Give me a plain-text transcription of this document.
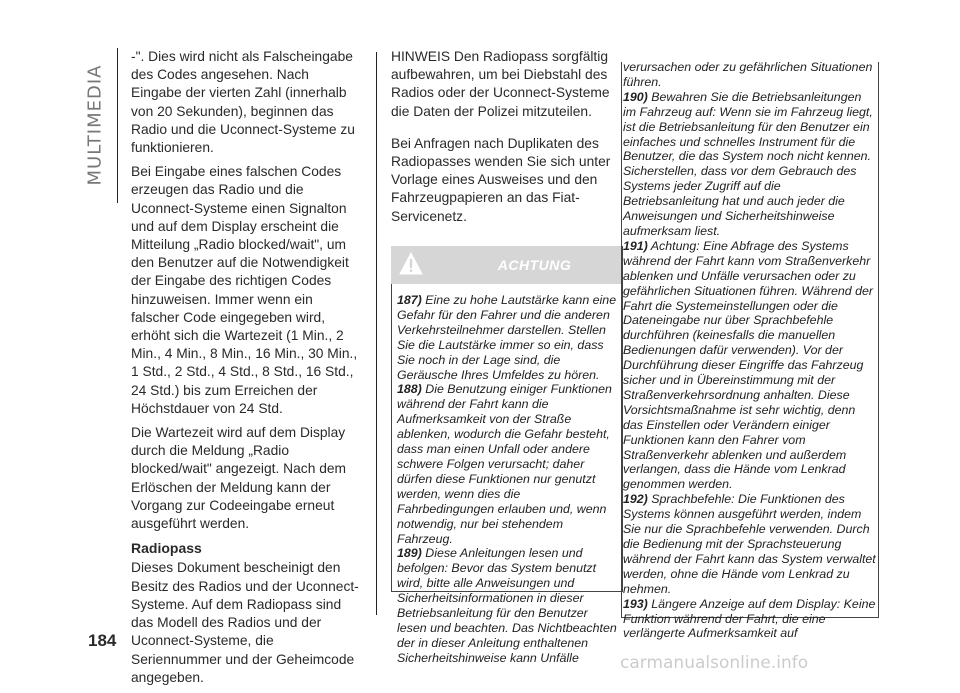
MULTIMEDIA

-". Dies wird nicht als Falscheingabe des Codes angesehen. Nach Eingabe der vierten Zahl (innerhalb von 20 Sekunden), beginnen das Radio und die Uconnect-Systeme zu funktionieren.

Bei Eingabe eines falschen Codes erzeugen das Radio und die Uconnect-Systeme einen Signalton und auf dem Display erscheint die Mitteilung „Radio blocked/wait", um den Benutzer auf die Notwendigkeit der Eingabe des richtigen Codes hinzuweisen. Immer wenn ein falscher Code eingegeben wird, erhöht sich die Wartezeit (1 Min., 2 Min., 4 Min., 8 Min., 16 Min., 30 Min., 1 Std., 2 Std., 4 Std., 8 Std., 16 Std., 24 Std.) bis zum Erreichen der Höchstdauer von 24 Std.

Die Wartezeit wird auf dem Display durch die Meldung „Radio blocked/wait" angezeigt. Nach dem Erlöschen der Meldung kann der Vorgang zur Codeeingabe erneut ausgeführt werden.

Radiopass

Dieses Dokument bescheinigt den Besitz des Radios und der Uconnect-Systeme. Auf dem Radiopass sind das Modell des Radios und der Uconnect-Systeme, die Seriennummer und der Geheimcode angegeben.

HINWEIS Den Radiopass sorgfältig aufbewahren, um bei Diebstahl des Radios oder der Uconnect-Systeme die Daten der Polizei mitzuteilen.

Bei Anfragen nach Duplikaten des Radiopasses wenden Sie sich unter Vorlage eines Ausweises und den Fahrzeugpapieren an das Fiat-Servicenetz.

ACHTUNG
187) Eine zu hohe Lautstärke kann eine Gefahr für den Fahrer und die anderen Verkehrsteilnehmer darstellen. Stellen Sie die Lautstärke immer so ein, dass Sie noch in der Lage sind, die Geräusche Ihres Umfeldes zu hören.
188) Die Benutzung einiger Funktionen während der Fahrt kann die Aufmerksamkeit von der Straße ablenken, wodurch die Gefahr besteht, dass man einen Unfall oder andere schwere Folgen verursacht; daher dürfen diese Funktionen nur genutzt werden, wenn dies die Fahrbedingungen erlauben und, wenn notwendig, nur bei stehendem Fahrzeug.
189) Diese Anleitungen lesen und befolgen: Bevor das System benutzt wird, bitte alle Anweisungen und Sicherheitsinformationen in dieser Betriebsanleitung für den Benutzer lesen und beachten. Das Nichtbeachten der in dieser Anleitung enthaltenen Sicherheitshinweise kann Unfälle
verursachen oder zu gefährlichen Situationen führen.
190) Bewahren Sie die Betriebsanleitungen im Fahrzeug auf: Wenn sie im Fahrzeug liegt, ist die Betriebsanleitung für den Benutzer ein einfaches und schnelles Instrument für die Benutzer, die das System noch nicht kennen. Sicherstellen, dass vor dem Gebrauch des Systems jeder Zugriff auf die Betriebsanleitung hat und auch jeder die Anweisungen und Sicherheitshinweise aufmerksam liest.
191) Achtung: Eine Abfrage des Systems während der Fahrt kann vom Straßenverkehr ablenken und Unfälle verursachen oder zu gefährlichen Situationen führen. Während der Fahrt die Systemeinstellungen oder die Dateneingabe nur über Sprachbefehle durchführen (keinesfalls die manuellen Bedienungen dafür verwenden). Vor der Durchführung dieser Eingriffe das Fahrzeug sicher und in Übereinstimmung mit der Straßenverkehrsordnung anhalten. Diese Vorsichtsmaßnahme ist sehr wichtig, denn das Einstellen oder Verändern einiger Funktionen kann den Fahrer vom Straßenverkehr ablenken und außerdem verlangen, dass die Hände vom Lenkrad genommen werden.
192) Sprachbefehle: Die Funktionen des Systems können ausgeführt werden, indem Sie nur die Sprachbefehle verwenden. Durch die Bedienung mit der Sprachsteuerung während der Fahrt kann das System verwaltet werden, ohne die Hände vom Lenkrad zu nehmen.
193) Längere Anzeige auf dem Display: Keine Funktion während der Fahrt, die eine verlängerte Aufmerksamkeit auf
184
carmanualsonline.info
